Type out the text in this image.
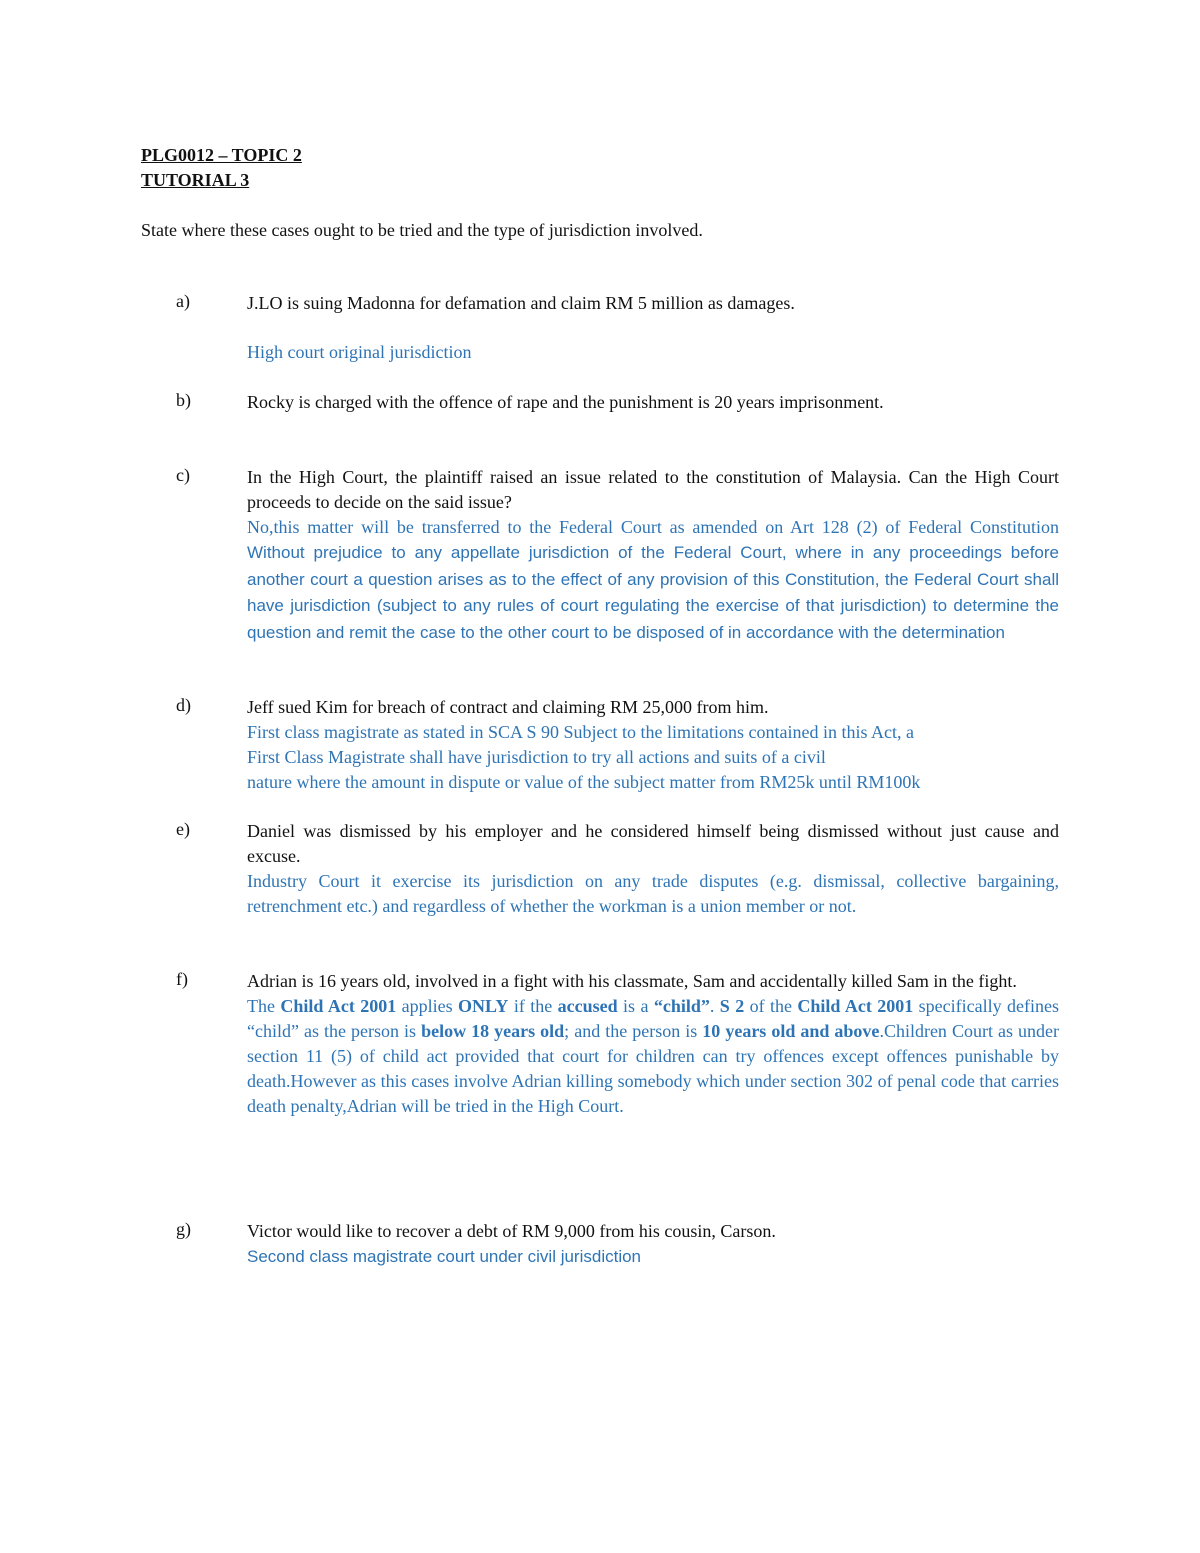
PLG0012 – TOPIC 2
TUTORIAL 3
State where these cases ought to be tried and the type of jurisdiction involved.
a)	J.LO is suing Madonna for defamation and claim RM 5 million as damages.
High court original jurisdiction
b)	Rocky is charged with the offence of rape and the punishment is 20 years imprisonment.
c)	In the High Court, the plaintiff raised an issue related to the constitution of Malaysia. Can the High Court proceeds to decide on the said issue?
No,this matter will be transferred to the Federal Court as amended on Art 128 (2) of Federal Constitution Without prejudice to any appellate jurisdiction of the Federal Court, where in any proceedings before another court a question arises as to the effect of any provision of this Constitution, the Federal Court shall have jurisdiction (subject to any rules of court regulating the exercise of that jurisdiction) to determine the question and remit the case to the other court to be disposed of in accordance with the determination
d)	Jeff sued Kim for breach of contract and claiming RM 25,000 from him.
First class magistrate as stated in SCA S 90 Subject to the limitations contained in this Act, a
First Class Magistrate shall have jurisdiction to try all actions and suits of a civil
nature where the amount in dispute or value of the subject matter from RM25k until RM100k
e)	Daniel was dismissed by his employer and he considered himself being dismissed without just cause and excuse.
Industry Court it exercise its jurisdiction on any trade disputes (e.g. dismissal, collective bargaining, retrenchment etc.) and regardless of whether the workman is a union member or not.
f)	Adrian is 16 years old, involved in a fight with his classmate, Sam and accidentally killed Sam in the fight.
The Child Act 2001 applies ONLY if the accused is a “child”. S 2 of the Child Act 2001 specifically defines “child” as the person is below 18 years old; and the person is 10 years old and above.Children Court as under section 11 (5) of child act provided that court for children can try offences except offences punishable by death.However as this cases involve Adrian killing somebody which under section 302 of penal code that carries death penalty,Adrian will be tried in the High Court.
g)	Victor would like to recover a debt of RM 9,000 from his cousin, Carson.
Second class magistrate court under civil jurisdiction
